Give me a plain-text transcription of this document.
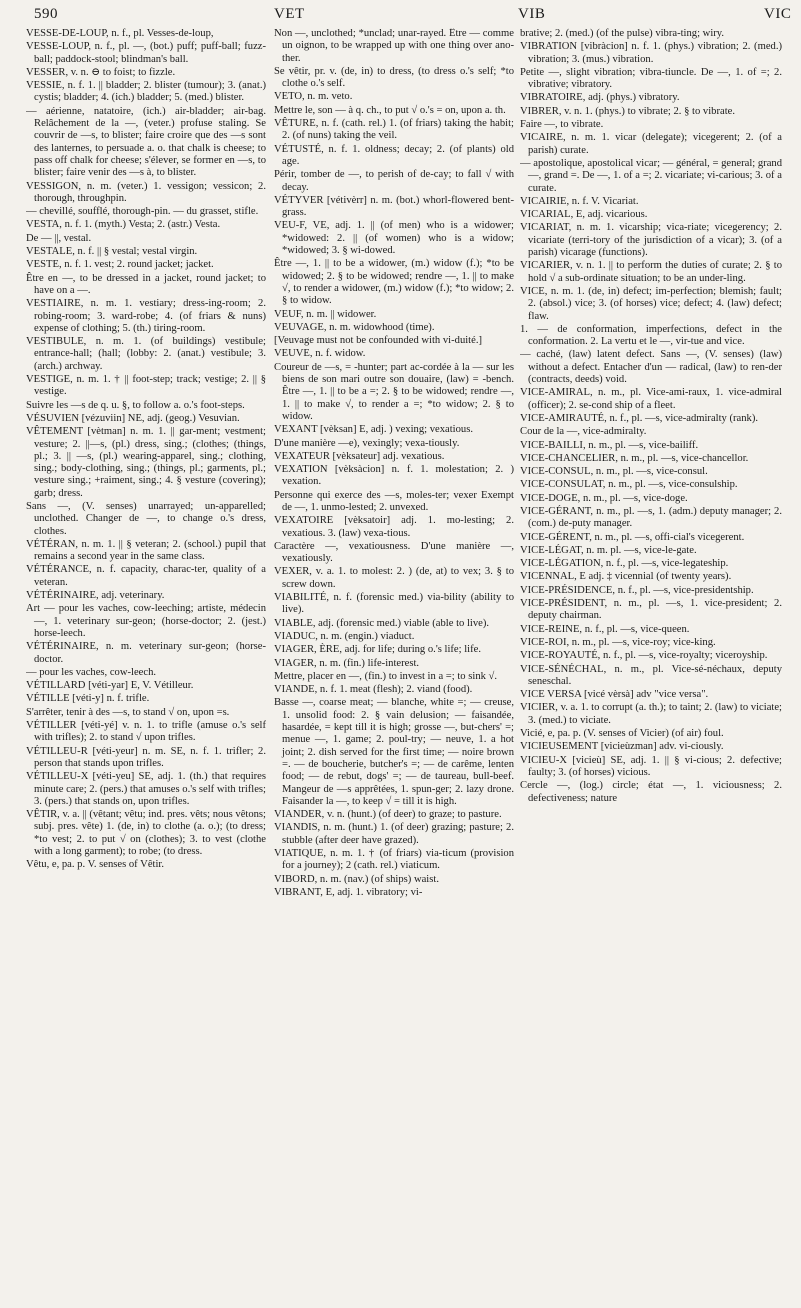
590	VET	VIB	VIC

VESSE-DE-LOUP, n. f., pl. Vesses-de-loup,

VESSE-LOUP, n. f., pl. —, (bot.) puff; puff-ball; fuzz-ball; paddock-stool; blindman's ball.

VESSER, v. n. ⊖ to foist; to fizzle.

VESSIE, n. f. 1. || bladder; 2. blister (tumour); 3. (anat.) cystis; bladder; 4. (ich.) bladder; 5. (med.) blister.

— aérienne, natatoire, (ich.) air-bladder; air-bag. Relâchement de la —, (veter.) profuse staling. Se couvrir de —s, to blister; faire croire que des —s sont des lanternes, to persuade a. o. that chalk is cheese; to pass off chalk for cheese; s'élever, se former en —s, to blister; faire venir des —s à, to blister.

VESSIGON, n. m. (veter.) 1. vessigon; vessicon; 2. thorough, throughpin.

— chevillé, soufflé, thorough-pin. — du grasset, stifle.

VESTA, n. f. 1. (myth.) Vesta; 2. (astr.) Vesta.

De — ||, vestal.

VESTALE, n. f. || § vestal; vestal virgin.

VESTE, n. f. 1. vest; 2. round jacket; jacket.

Être en —, to be dressed in a jacket, round jacket; to have on a —.

VESTIAIRE, n. m. 1. vestiary; dress-ing-room; 2. robing-room; 3. ward-robe; 4. (of friars & nuns) expense of clothing; 5. (th.) tiring-room.

VESTIBULE, n. m. 1. (of buildings) vestibule; entrance-hall; (hall; (lobby: 2. (anat.) vestibule; 3. (arch.) archway.

VESTIGE, n. m. 1. † || foot-step; track; vestige; 2. || § vestige.

Suivre les —s de q. u. §, to follow a. o.'s foot-steps.

VÉSUVIEN [vézuviin] NE, adj. (geog.) Vesuvian.

VÊTEMENT [vètman] n. m. 1. || gar-ment; vestment; vesture; 2. ||—s, (pl.) dress, sing.; (clothes; (things, pl.; 3. || —s, (pl.) wearing-apparel, sing.; clothing, sing.; body-clothing, sing.; (things, pl.; garments, pl.; vesture sing.; +raiment, sing.; 4. § vesture (covering); garb; dress.

Sans —, (V. senses) unarrayed; un-apparelled; unclothed. Changer de —, to change o.'s dress, clothes.

VÉTÉRAN, n. m. 1. || § veteran; 2. (school.) pupil that remains a second year in the same class.

VÉTÉRANCE, n. f. capacity, charac-ter, quality of a veteran.

VÉTÉRINAIRE, adj. veterinary.

Art — pour les vaches, cow-leeching; artiste, médecin —, 1. veterinary sur-geon; (horse-doctor; 2. (jest.) horse-leech.

VÉTÉRINAIRE, n. m. veterinary sur-geon; (horse-doctor.

— pour les vaches, cow-leech.

VÉTILLARD [véti-yar] E, V. Vétilleur.

VÉTILLE [véti-y] n. f. trifle.

S'arrêter, tenir à des —s, to stand √ on, upon =s.

VÉTILLER [véti-yé] v. n. 1. to trifle (amuse o.'s self with trifles); 2. to stand √ upon trifles.

VÉTILLEU-R [véti-yeur] n. m. SE, n. f. 1. trifler; 2. person that stands upon trifles.

VÉTILLEU-X [véti-yeu] SE, adj. 1. (th.) that requires minute care; 2. (pers.) that amuses o.'s self with trifles; 3. (pers.) that stands on, upon trifles.

VÊTIR, v. a. || (vêtant; vêtu; ind. pres. vêts; nous vêtons; subj. pres. vête) 1. (de, in) to clothe (a. o.); (to dress; *to vest; 2. to put √ on (clothes); 3. to vest (clothe with a long garment); to robe; (to dress.

Vêtu, e, pa. p. V. senses of Vêtir.

Non —, unclothed; *unclad; unar-rayed. Être — comme un oignon, to be wrapped up with one thing over ano-ther.

Se vêtir, pr. v. (de, in) to dress, (to dress o.'s self; *to clothe o.'s self.

VETO, n. m. veto.

Mettre le, son — à q. ch., to put √ o.'s = on, upon a. th.

VÊTURE, n. f. (cath. rel.) 1. (of friars) taking the habit; 2. (of nuns) taking the veil.

VÉTUSTÉ, n. f. 1. oldness; decay; 2. (of plants) old age.

Périr, tomber de —, to perish of de-cay; to fall √ with decay.

VÉTYVER [vétivèrr] n. m. (bot.) whorl-flowered bent-grass.

VEU-F, VE, adj. 1. || (of men) who is a widower; *widowed: 2. || (of women) who is a widow; *widowed; 3. § wi-dowed.

Être —, 1. || to be a widower, (m.) widow (f.); *to be widowed; 2. § to be widowed; rendre —, 1. || to make √, to render a widower, (m.) widow (f.); *to widow; 2. § to widow.

VEUF, n. m. || widower.

VEUVAGE, n. m. widowhood (time).

[Veuvage must not be confounded with vi-duité.]

VEUVE, n. f. widow.

Coureur de —s, = -hunter; part ac-cordée à la — sur les biens de son mari outre son douaire, (law) = -bench. Être —, 1. || to be a =; 2. § to be widowed; rendre —, 1. || to make √, to render a =; *to widow; 2. § to widow.

VEXANT [vèksan] E, adj. ) vexing; vexatious.

D'une manière —e), vexingly; vexa-tiously.

VEXATEUR [vèksateur] adj. vexatious.

VEXATION [vèksàcion] n. f. 1. molestation; 2. ) vexation.

Personne qui exerce des —s, moles-ter; vexer Exempt de —, 1. unmo-lested; 2. unvexed.

VEXATOIRE [vèksatoir] adj. 1. mo-lesting; 2. vexatious. 3. (law) vexa-tious.

Caractère —, vexatiousness. D'une manière —, vexatiously.

VEXER, v. a. 1. to molest: 2. ) (de, at) to vex; 3. § to screw down.

VIABILITÉ, n. f. (forensic med.) via-bility (ability to live).

VIABLE, adj. (forensic med.) viable (able to live).

VIADUC, n. m. (engin.) viaduct.

VIAGER, ÈRE, adj. for life; during o.'s life; life.

VIAGER, n. m. (fin.) life-interest.

Mettre, placer en —, (fin.) to invest in a =; to sink √.

VIANDE, n. f. 1. meat (flesh); 2. viand (food).

Basse —, coarse meat; — blanche, white =; — creuse, 1. unsolid food: 2. § vain delusion; — faisandée, hasardée, = kept till it is high; grosse —, but-chers' =; menue —, 1. game; 2. poul-try; — neuve, 1. a hot joint; 2. dish served for the first time; — noire brown =. — de boucherie, butcher's =; — de carême, lenten food; — de rebut, dogs' =; — de taureau, bull-beef. Mangeur de —s apprêtées, 1. spun-ger; 2. lazy drone. Faisander la —, to keep √ = till it is high.

VIANDER, v. n. (hunt.) (of deer) to graze; to pasture.

VIANDIS, n. m. (hunt.) 1. (of deer) grazing; pasture; 2. stubble (after deer have grazed).

VIATIQUE, n. m. 1. † (of friars) via-ticum (provision for a journey); 2 (cath. rel.) viaticum.

VIBORD, n. m. (nav.) (of ships) waist.

VIBRANT, E, adj. 1. vibratory; vi-

brative; 2. (med.) (of the pulse) vibra-ting; wiry.

VIBRATION [vibràcion] n. f. 1. (phys.) vibration; 2. (med.) vibration; 3. (mus.) vibration.

Petite —, slight vibration; vibra-tiuncle. De —, 1. of =; 2. vibrative; vibratory.

VIBRATOIRE, adj. (phys.) vibratory.

VIBRER, v. n. 1. (phys.) to vibrate; 2. § to vibrate.

Faire —, to vibrate.

VICAIRE, n. m. 1. vicar (delegate); vicegerent; 2. (of a parish) curate.

— apostolique, apostolical vicar; — général, = general; grand —, grand =. De —, 1. of a =; 2. vicariate; vi-carious; 3. of a curate.

VICAIRIE, n. f. V. Vicariat.

VICARIAL, E, adj. vicarious.

VICARIAT, n. m. 1. vicarship; vica-riate; vicegerency; 2. vicariate (terri-tory of the jurisdiction of a vicar); 3. (of a parish) vicarage (functions).

VICARIER, v. n. 1. || to perform the duties of curate; 2. § to hold √ a sub-ordinate situation; to be an under-ling.

VICE, n. m. 1. (de, in) defect; im-perfection; blemish; fault; 2. (absol.) vice; 3. (of horses) vice; defect; 4. (law) defect; flaw.

1. — de conformation, imperfections, defect in the conformation. 2. La vertu et le —, vir-tue and vice.

— caché, (law) latent defect. Sans —, (V. senses) (law) without a defect. Entacher d'un — radical, (law) to ren-der (contracts, deeds) void.

VICE-AMIRAL, n. m., pl. Vice-ami-raux, 1. vice-admiral (officer); 2. se-cond ship of a fleet.

VICE-AMIRAUTÉ, n. f., pl. —s, vice-admiralty (rank).

Cour de la —, vice-admiralty.

VICE-BAILLI, n. m., pl. —s, vice-bailiff.

VICE-CHANCELIER, n. m., pl. —s, vice-chancellor.

VICE-CONSUL, n. m., pl. —s, vice-consul.

VICE-CONSULAT, n. m., pl. —s, vice-consulship.

VICE-DOGE, n. m., pl. —s, vice-doge.

VICE-GÉRANT, n. m., pl. —s, 1. (adm.) deputy manager; 2. (com.) de-puty manager.

VICE-GÉRENT, n. m., pl. —s, offi-cial's vicegerent.

VICE-LÉGAT, n. m. pl. —s, vice-le-gate.

VICE-LÉGATION, n. f., pl. —s, vice-legateship.

VICENNAL, E adj. ‡ vicennial (of twenty years).

VICE-PRÉSIDENCE, n. f., pl. —s, vice-presidentship.

VICE-PRÉSIDENT, n. m., pl. —s, 1. vice-president; 2. deputy chairman.

VICE-REINE, n. f., pl. —s, vice-queen.

VICE-ROI, n. m., pl. —s, vice-roy; vice-king.

VICE-ROYAUTÉ, n. f., pl. —s, vice-royalty; viceroyship.

VICE-SÉNÉCHAL, n. m., pl. Vice-sé-néchaux, deputy seneschal.

VICE VERSA [vicé vèrsà] adv "vice versa".

VICIER, v. a. 1. to corrupt (a. th.); to taint; 2. (law) to viciate; 3. (med.) to viciate.

Vicié, e, pa. p. (V. senses of Vicier) (of air) foul.

VICIEUSEMENT [vicieùzman] adv. vi-ciously.

VICIEU-X [vicieù] SE, adj. 1. || § vi-cious; 2. defective; faulty; 3. (of horses) vicious.

Cercle —, (log.) circle; état —, 1. viciousness; 2. defectiveness; nature
